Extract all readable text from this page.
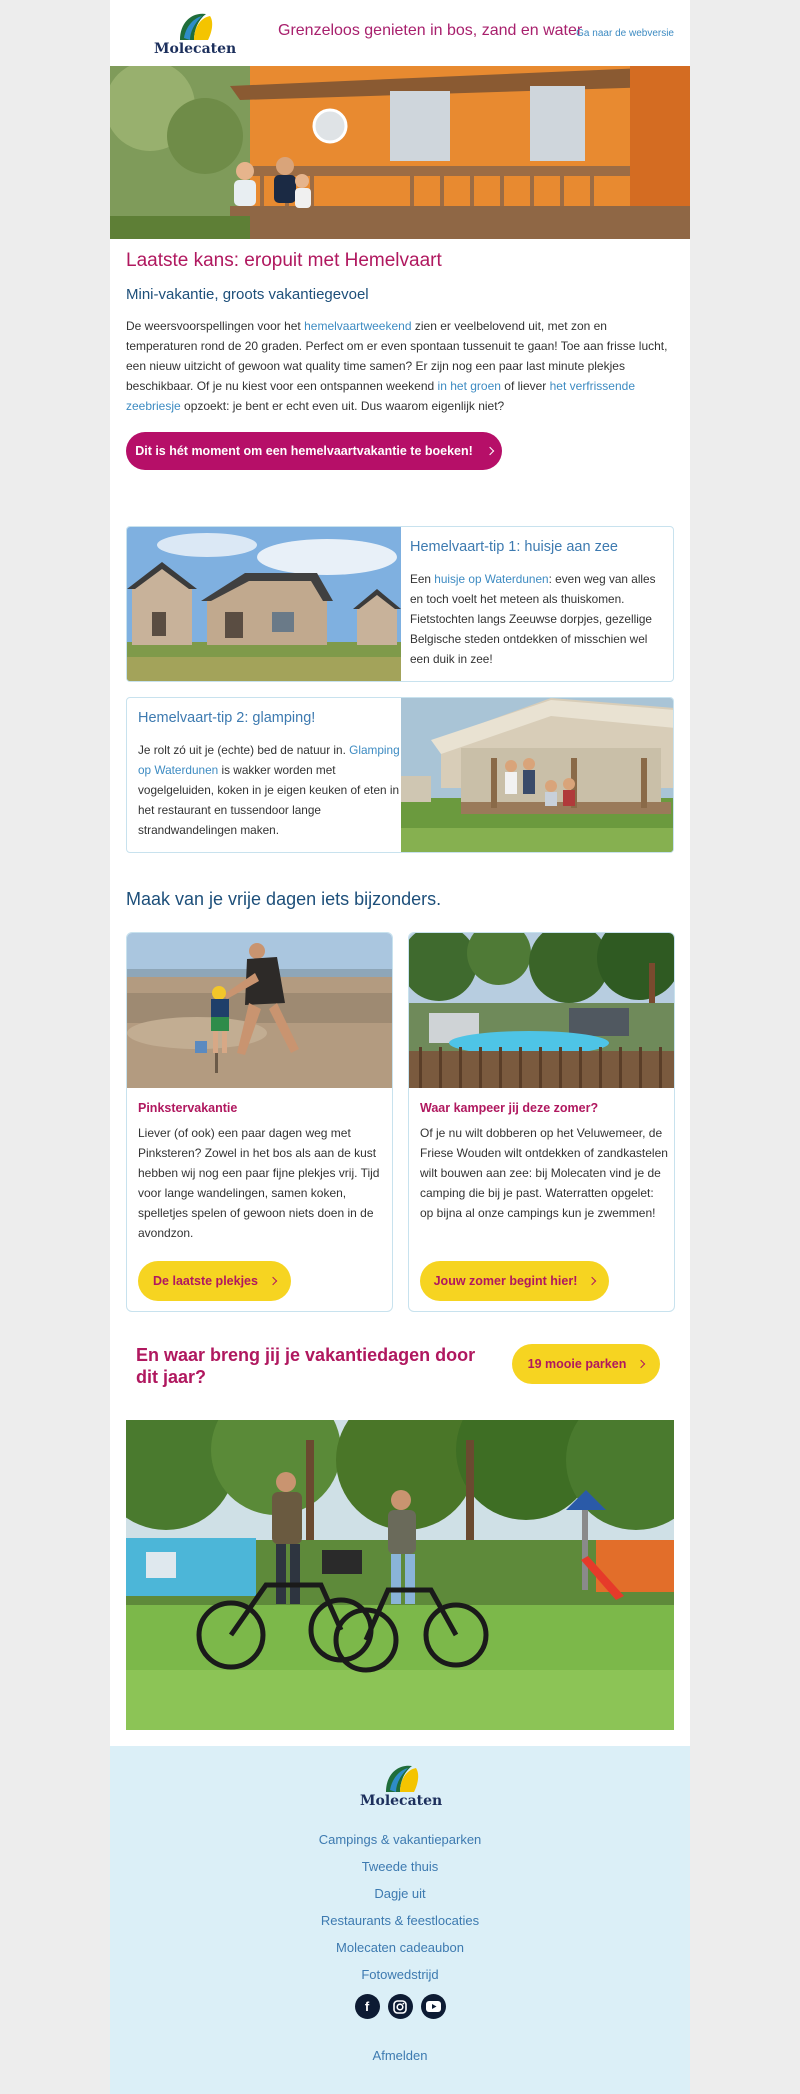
Molecaten
Grenzeloos genieten in bos, zand en water
Ga naar de webversie
Laatste kans: eropuit met Hemelvaart
Mini-vakantie, groots vakantiegevoel
De weersvoorspellingen voor het hemelvaartweekend zien er veelbelovend uit, met zon en temperaturen rond de 20 graden. Perfect om er even spontaan tussenuit te gaan! Toe aan frisse lucht, een nieuw uitzicht of gewoon wat quality time samen? Er zijn nog een paar last minute plekjes beschikbaar. Of je nu kiest voor een ontspannen weekend in het groen of liever het verfrissende zeebriesje opzoekt: je bent er echt even uit. Dus waarom eigenlijk niet?
Dit is hét moment om een hemelvaartvakantie te boeken!
Hemelvaart-tip 1: huisje aan zee
Een huisje op Waterdunen: even weg van alles en toch voelt het meteen als thuiskomen. Fietstochten langs Zeeuwse dorpjes, gezellige Belgische steden ontdekken of misschien wel een duik in zee!
Hemelvaart-tip 2: glamping!
Je rolt zó uit je (echte) bed de natuur in. Glamping op Waterdunen is wakker worden met vogelgeluiden, koken in je eigen keuken of eten in het restaurant en tussendoor lange strandwandelingen maken.
Maak van je vrije dagen iets bijzonders.
Pinkstervakantie
Liever (of ook) een paar dagen weg met Pinksteren? Zowel in het bos als aan de kust hebben wij nog een paar fijne plekjes vrij. Tijd voor lange wandelingen, samen koken, spelletjes spelen of gewoon niets doen in de avondzon.
De laatste plekjes
Waar kampeer jij deze zomer?
Of je nu wilt dobberen op het Veluwemeer, de Friese Wouden wilt ontdekken of zandkastelen wilt bouwen aan zee: bij Molecaten vind je de camping die bij je past. Waterratten opgelet: op bijna al onze campings kun je zwemmen!
Jouw zomer begint hier!
En waar breng jij je vakantiedagen door dit jaar?
19 mooie parken
Molecaten
Campings & vakantieparken
Tweede thuis
Dagje uit
Restaurants & feestlocaties
Molecaten cadeaubon
Fotowedstrijd
f
Afmelden
